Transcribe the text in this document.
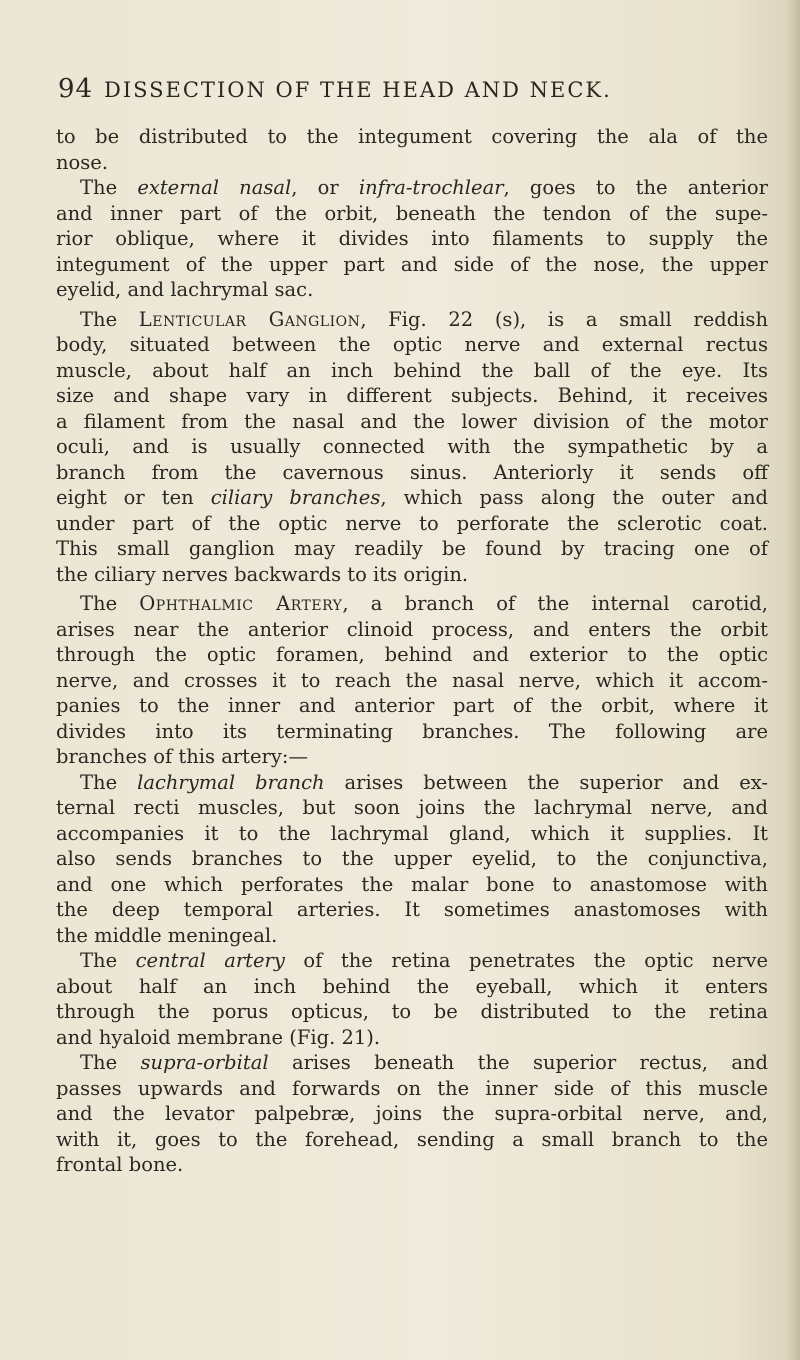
94 DISSECTION OF THE HEAD AND NECK.
to be distributed to the integument covering the ala of the
nose.
The external nasal, or infra-trochlear, goes to the anterior
and inner part of the orbit, beneath the tendon of the supe-
rior oblique, where it divides into filaments to supply the
integument of the upper part and side of the nose, the upper
eyelid, and lachrymal sac.
The Lenticular Ganglion, Fig. 22 (s), is a small reddish
body, situated between the optic nerve and external rectus
muscle, about half an inch behind the ball of the eye. Its
size and shape vary in different subjects. Behind, it receives
a filament from the nasal and the lower division of the motor
oculi, and is usually connected with the sympathetic by a
branch from the cavernous sinus. Anteriorly it sends off
eight or ten ciliary branches, which pass along the outer and
under part of the optic nerve to perforate the sclerotic coat.
This small ganglion may readily be found by tracing one of
the ciliary nerves backwards to its origin.
The Ophthalmic Artery, a branch of the internal carotid,
arises near the anterior clinoid process, and enters the orbit
through the optic foramen, behind and exterior to the optic
nerve, and crosses it to reach the nasal nerve, which it accom-
panies to the inner and anterior part of the orbit, where it
divides into its terminating branches. The following are
branches of this artery:—
The lachrymal branch arises between the superior and ex-
ternal recti muscles, but soon joins the lachrymal nerve, and
accompanies it to the lachrymal gland, which it supplies. It
also sends branches to the upper eyelid, to the conjunctiva,
and one which perforates the malar bone to anastomose with
the deep temporal arteries. It sometimes anastomoses with
the middle meningeal.
The central artery of the retina penetrates the optic nerve
about half an inch behind the eyeball, which it enters
through the porus opticus, to be distributed to the retina
and hyaloid membrane (Fig. 21).
The supra-orbital arises beneath the superior rectus, and
passes upwards and forwards on the inner side of this muscle
and the levator palpebræ, joins the supra-orbital nerve, and,
with it, goes to the forehead, sending a small branch to the
frontal bone.
